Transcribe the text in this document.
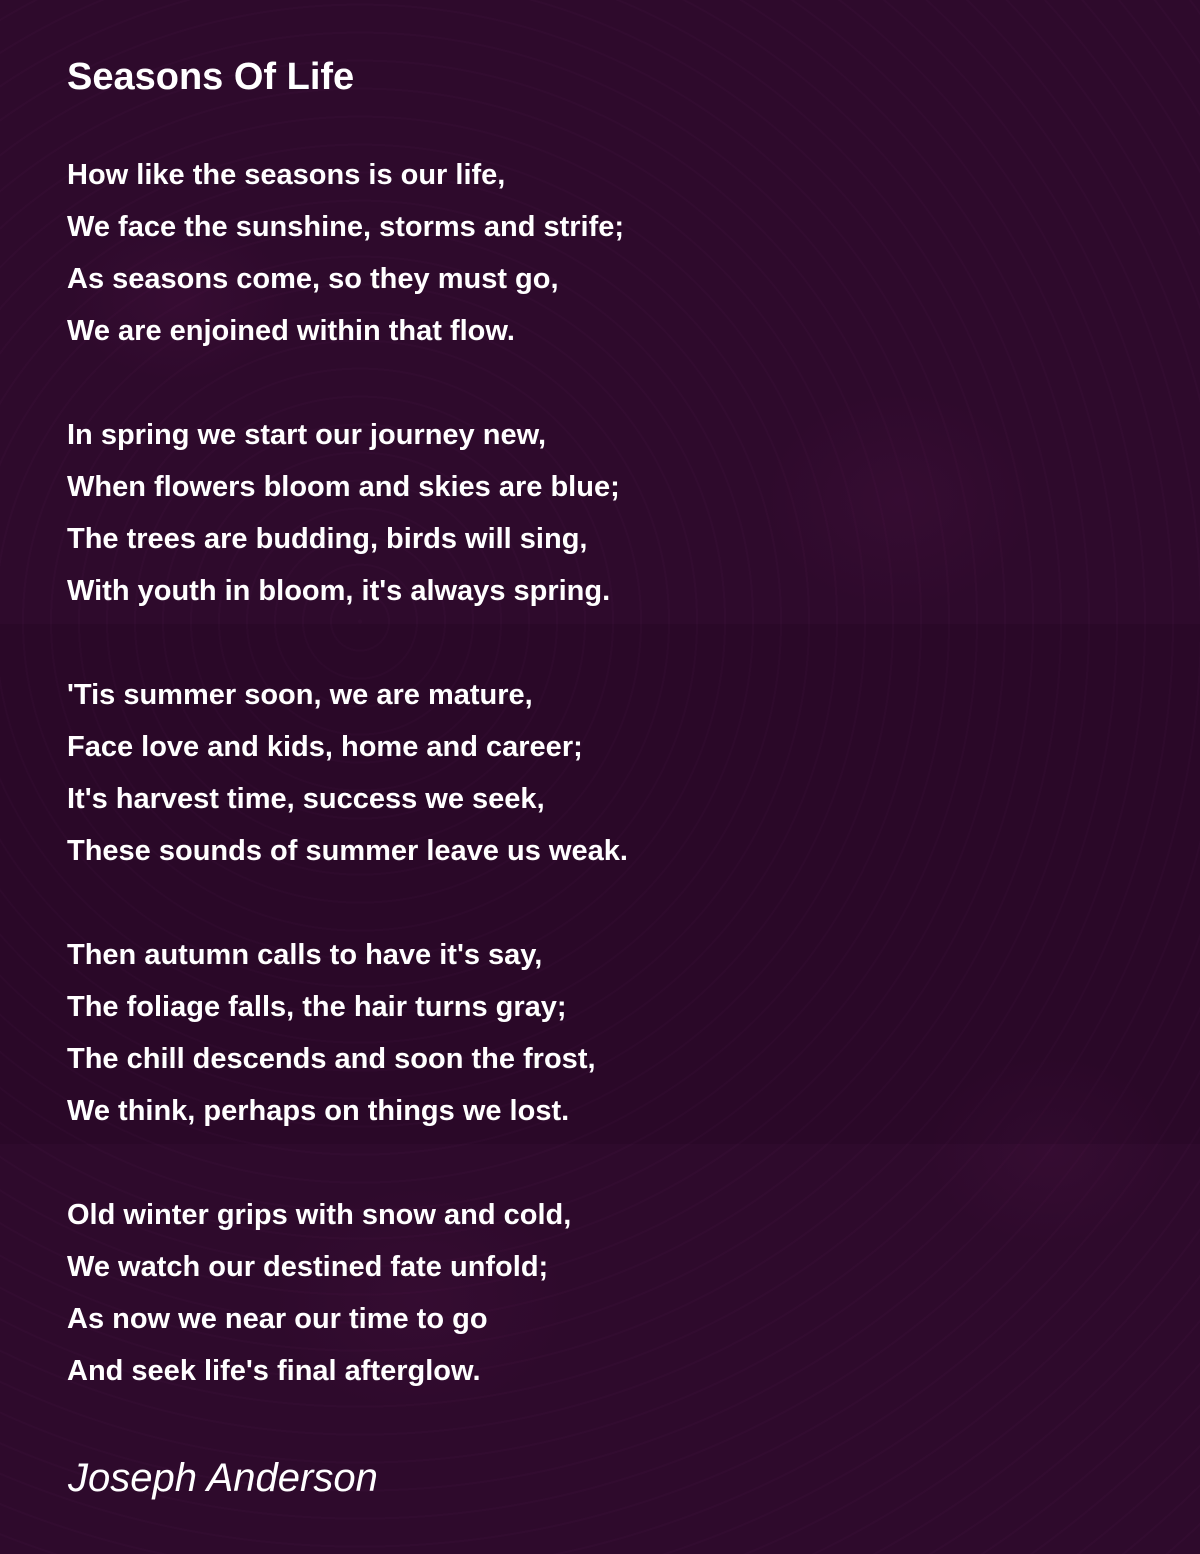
Seasons Of Life
How like the seasons is our life,
We face the sunshine, storms and strife;
As seasons come, so they must go,
We are enjoined within that flow.
In spring we start our journey new,
When flowers bloom and skies are blue;
The trees are budding, birds will sing,
With youth in bloom, it's always spring.
'Tis summer soon, we are mature,
Face love and kids, home and career;
It's harvest time, success we seek,
These sounds of summer leave us weak.
Then autumn calls to have it's say,
The foliage falls, the hair turns gray;
The chill descends and soon the frost,
We think, perhaps on things we lost.
Old winter grips with snow and cold,
We watch our destined fate unfold;
As now we near our time to go
And seek life's final afterglow.
Joseph Anderson
